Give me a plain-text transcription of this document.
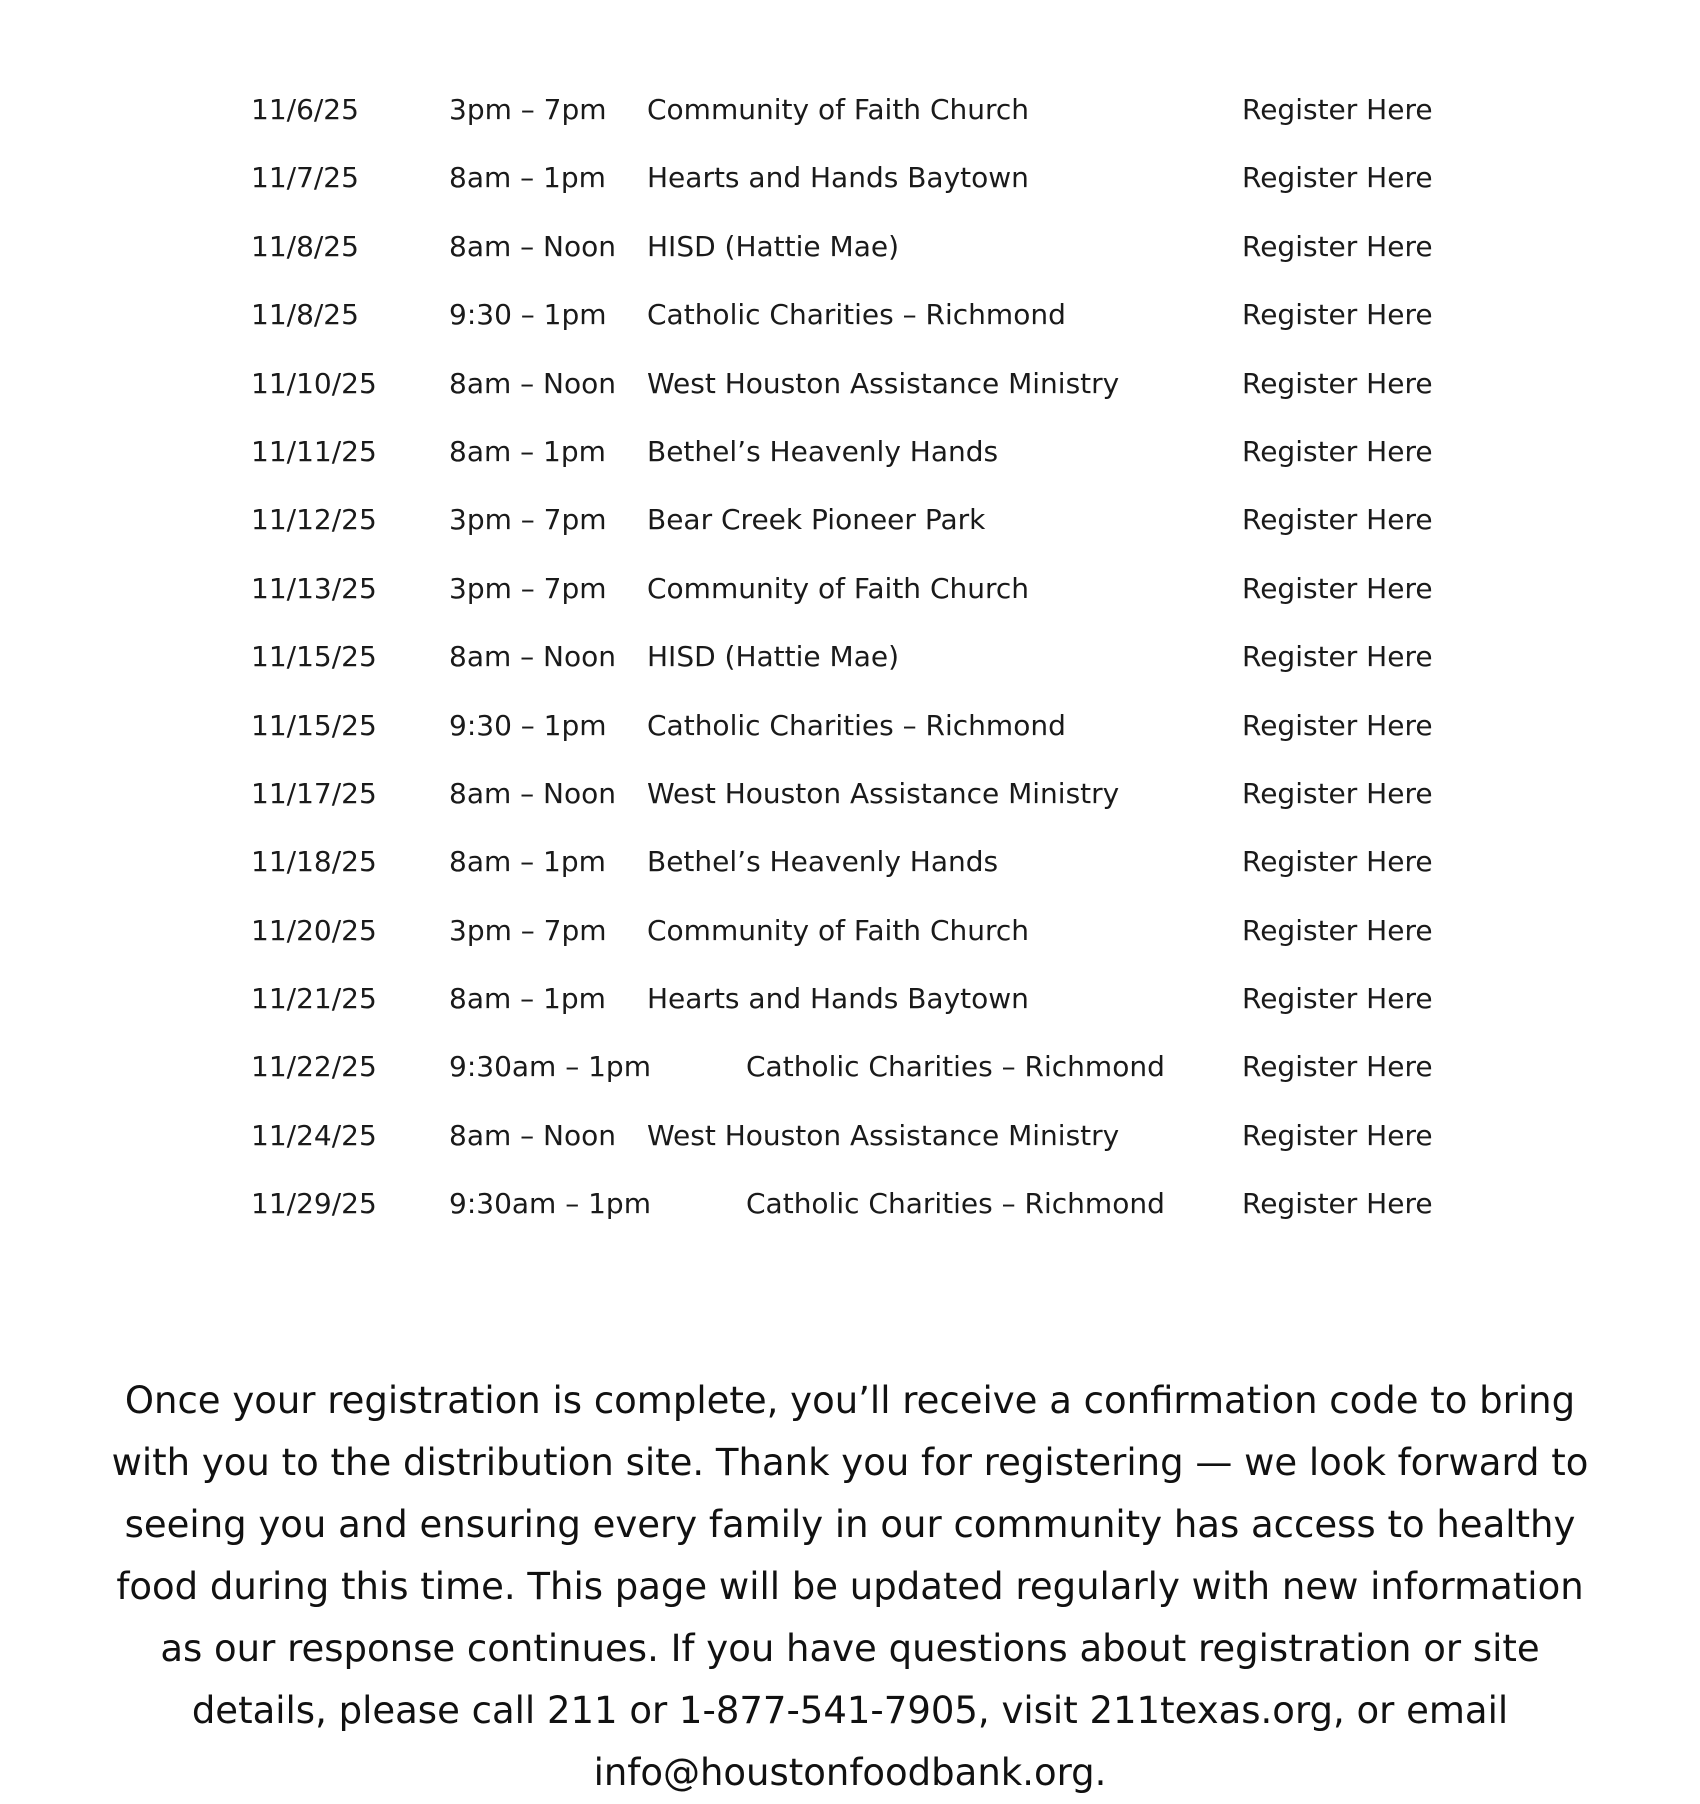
11/6/25	3pm – 7pm Community of Faith Church	Register Here
11/7/25	8am – 1pm Hearts and Hands Baytown	Register Here
11/8/25	8am – Noon HISD (Hattie Mae)	Register Here
11/8/25	9:30 – 1pm Catholic Charities – Richmond	Register Here
11/10/25	8am – Noon West Houston Assistance Ministry	Register Here
11/11/25	8am – 1pm Bethel’s Heavenly Hands	Register Here
11/12/25	3pm – 7pm Bear Creek Pioneer Park	Register Here
11/13/25	3pm – 7pm Community of Faith Church	Register Here
11/15/25	8am – Noon HISD (Hattie Mae)	Register Here
11/15/25	9:30 – 1pm Catholic Charities – Richmond	Register Here
11/17/25	8am – Noon West Houston Assistance Ministry	Register Here
11/18/25	8am – 1pm Bethel’s Heavenly Hands	Register Here
11/20/25	3pm – 7pm Community of Faith Church	Register Here
11/21/25	8am – 1pm Hearts and Hands Baytown	Register Here
11/22/25	9:30am – 1pm	Catholic Charities – Richmond	Register Here
11/24/25	8am – Noon West Houston Assistance Ministry	Register Here
11/29/25	9:30am – 1pm	Catholic Charities – Richmond	Register Here

Once your registration is complete, you’ll receive a confirmation code to bring with you to the distribution site. Thank you for registering — we look forward to seeing you and ensuring every family in our community has access to healthy food during this time. This page will be updated regularly with new information as our response continues. If you have questions about registration or site details, please call 211 or 1-877-541-7905, visit 211texas.org, or email info@houstonfoodbank.org.
